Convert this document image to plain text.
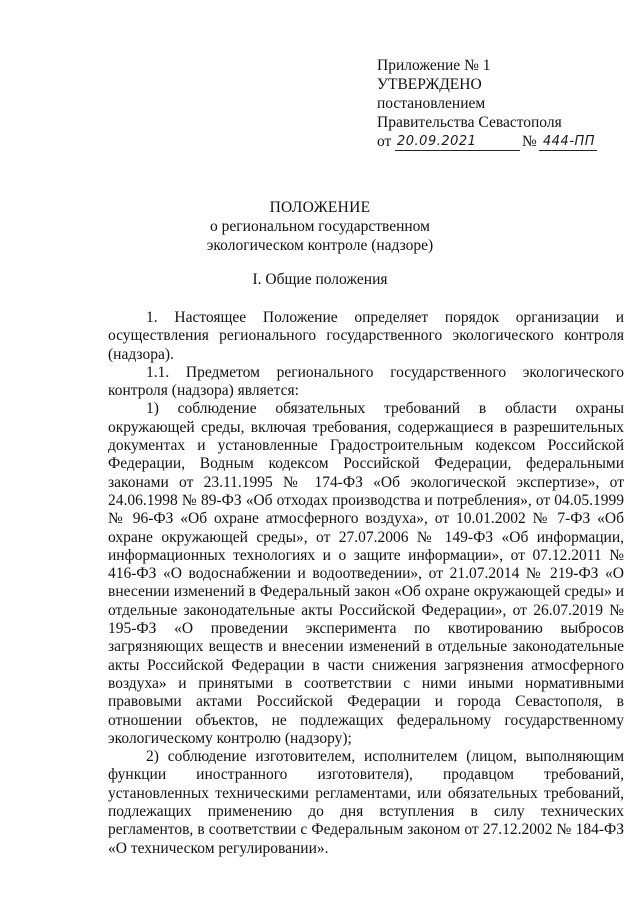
Приложение № 1
УТВЕРЖДЕНО
постановлением
Правительства Севастополя
от 20.09.2021	№ 444-ПП

ПОЛОЖЕНИЕ
о региональном государственном
экологическом контроле (надзоре)
I. Общие положения

1. Настоящее Положение определяет порядок организации и осуществления регионального государственного экологического контроля (надзора).

1.1. Предметом регионального государственного экологического контроля (надзора) является:

1) соблюдение обязательных требований в области охраны окружающей среды, включая требования, содержащиеся в разрешительных документах и установленные Градостроительным кодексом Российской Федерации, Водным кодексом Российской Федерации, федеральными законами от 23.11.1995 № 174-ФЗ «Об экологической экспертизе», от 24.06.1998 № 89-ФЗ «Об отходах производства и потребления», от 04.05.1999 № 96-ФЗ «Об охране атмосферного воздуха», от 10.01.2002 № 7-ФЗ «Об охране окружающей среды», от 27.07.2006 № 149-ФЗ «Об информации, информационных технологиях и о защите информации», от 07.12.2011 № 416-ФЗ «О водоснабжении и водоотведении», от 21.07.2014 № 219-ФЗ «О внесении изменений в Федеральный закон «Об охране окружающей среды» и отдельные законодательные акты Российской Федерации», от 26.07.2019 № 195-ФЗ «О проведении эксперимента по квотированию выбросов загрязняющих веществ и внесении изменений в отдельные законодательные акты Российской Федерации в части снижения загрязнения атмосферного воздуха» и принятыми в соответствии с ними иными нормативными правовыми актами Российской Федерации и города Севастополя, в отношении объектов, не подлежащих федеральному государственному экологическому контролю (надзору);

2) соблюдение изготовителем, исполнителем (лицом, выполняющим функции иностранного изготовителя), продавцом требований, установленных техническими регламентами, или обязательных требований, подлежащих применению до дня вступления в силу технических регламентов, в соответствии с Федеральным законом от 27.12.2002 № 184-ФЗ «О техническом регулировании».
